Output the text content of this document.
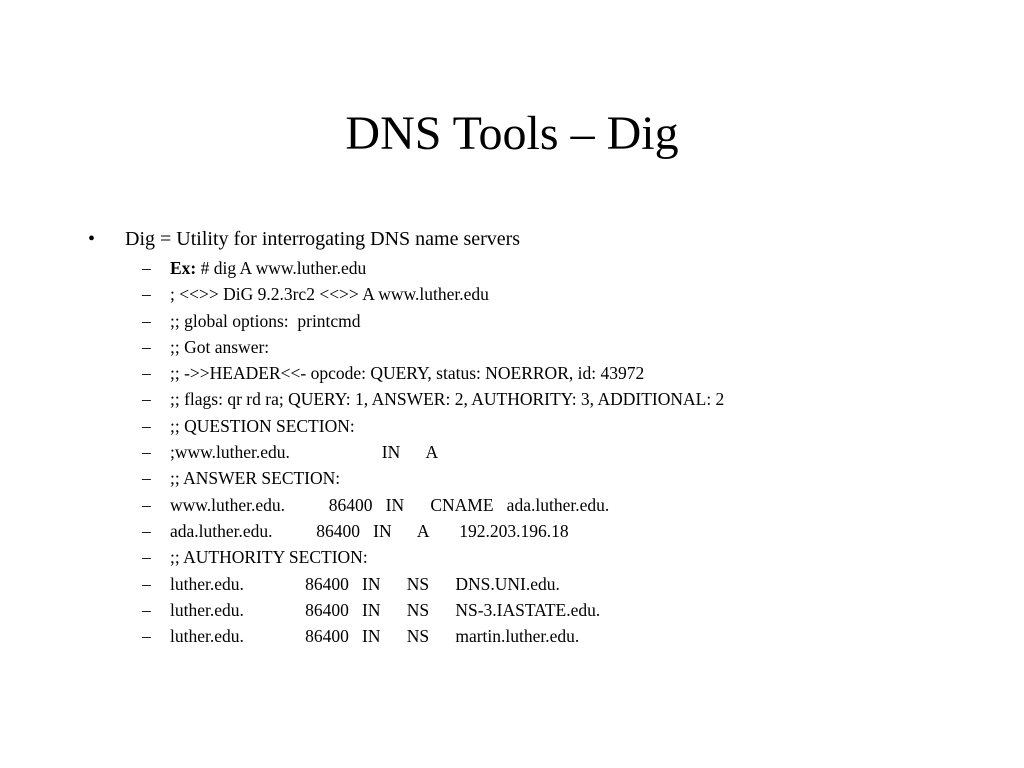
DNS Tools – Dig
• Dig = Utility for interrogating DNS name servers
– Ex: # dig A www.luther.edu
– ; <<>> DiG 9.2.3rc2 <<>> A www.luther.edu
– ;; global options:  printcmd
– ;; Got answer:
– ;; ->>HEADER<<- opcode: QUERY, status: NOERROR, id: 43972
– ;; flags: qr rd ra; QUERY: 1, ANSWER: 2, AUTHORITY: 3, ADDITIONAL: 2
– ;; QUESTION SECTION:
– ;www.luther.edu.                     IN      A
– ;; ANSWER SECTION:
– www.luther.edu.          86400   IN      CNAME   ada.luther.edu.
– ada.luther.edu.          86400   IN      A       192.203.196.18
– ;; AUTHORITY SECTION:
– luther.edu.              86400   IN      NS      DNS.UNI.edu.
– luther.edu.              86400   IN      NS      NS-3.IASTATE.edu.
– luther.edu.              86400   IN      NS      martin.luther.edu.
